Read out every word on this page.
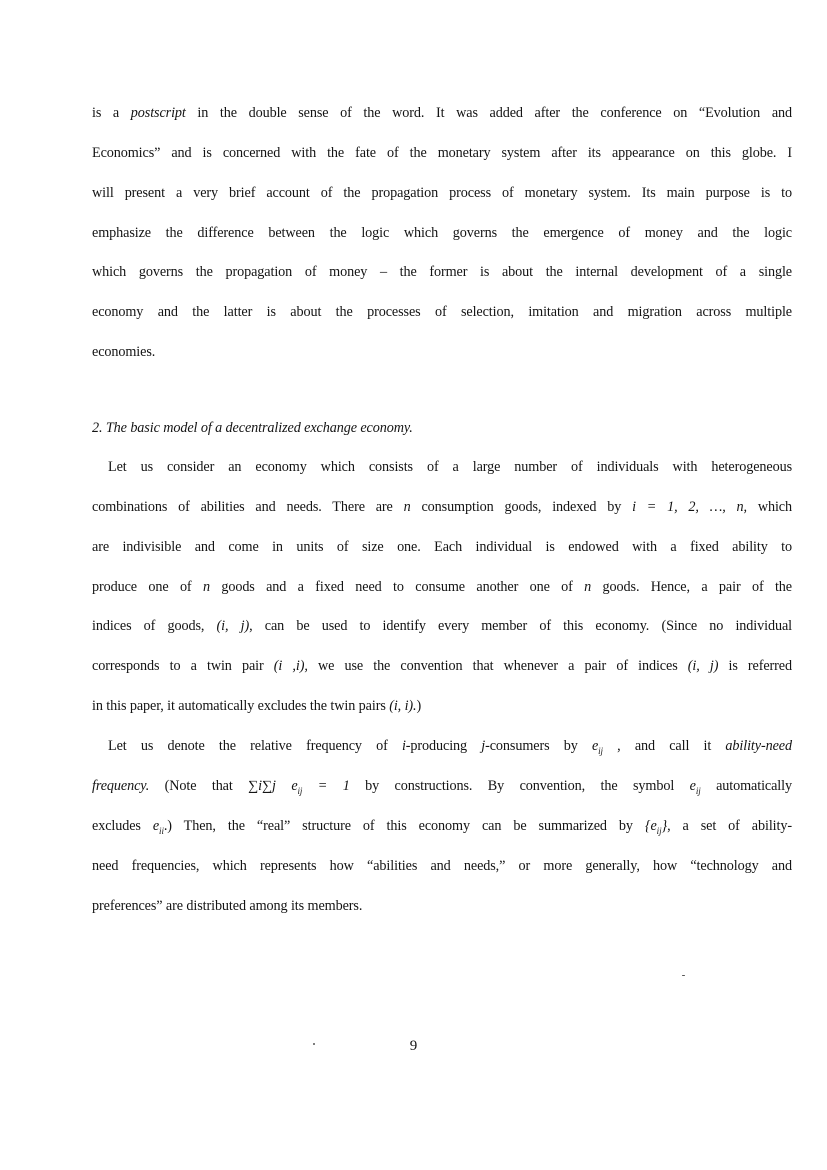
is a postscript in the double sense of the word. It was added after the conference on “Evolution and
Economics” and is concerned with the fate of the monetary system after its appearance on this globe. I
will present a very brief account of the propagation process of monetary system. Its main purpose is to
emphasize the difference between the logic which governs the emergence of money and the logic
which governs the propagation of money – the former is about the internal development of a single
economy and the latter is about the processes of selection, imitation and migration across multiple
economies.
2. The basic model of a decentralized exchange economy.
Let us consider an economy which consists of a large number of individuals with heterogeneous
combinations of abilities and needs. There are n consumption goods, indexed by i = 1, 2, …, n, which
are indivisible and come in units of size one. Each individual is endowed with a fixed ability to
produce one of n goods and a fixed need to consume another one of n goods. Hence, a pair of the
indices of goods, (i, j), can be used to identify every member of this economy. (Since no individual
corresponds to a twin pair (i ,i), we use the convention that whenever a pair of indices (i, j) is referred
in this paper, it automatically excludes the twin pairs (i, i).)
Let us denote the relative frequency of i-producing j-consumers by $e_{ij}$ , and call it ability-need
frequency. (Note that ∑i∑j $e_{ij} = 1$ by constructions. By convention, the symbol $e_{ij}$ automatically
excludes $e_{ii}$.) Then, the “real” structure of this economy can be summarized by $\{e_{ij}\}$, a set of ability-
need frequencies, which represents how “abilities and needs,” or more generally, how “technology and
preferences” are distributed among its members.
9
